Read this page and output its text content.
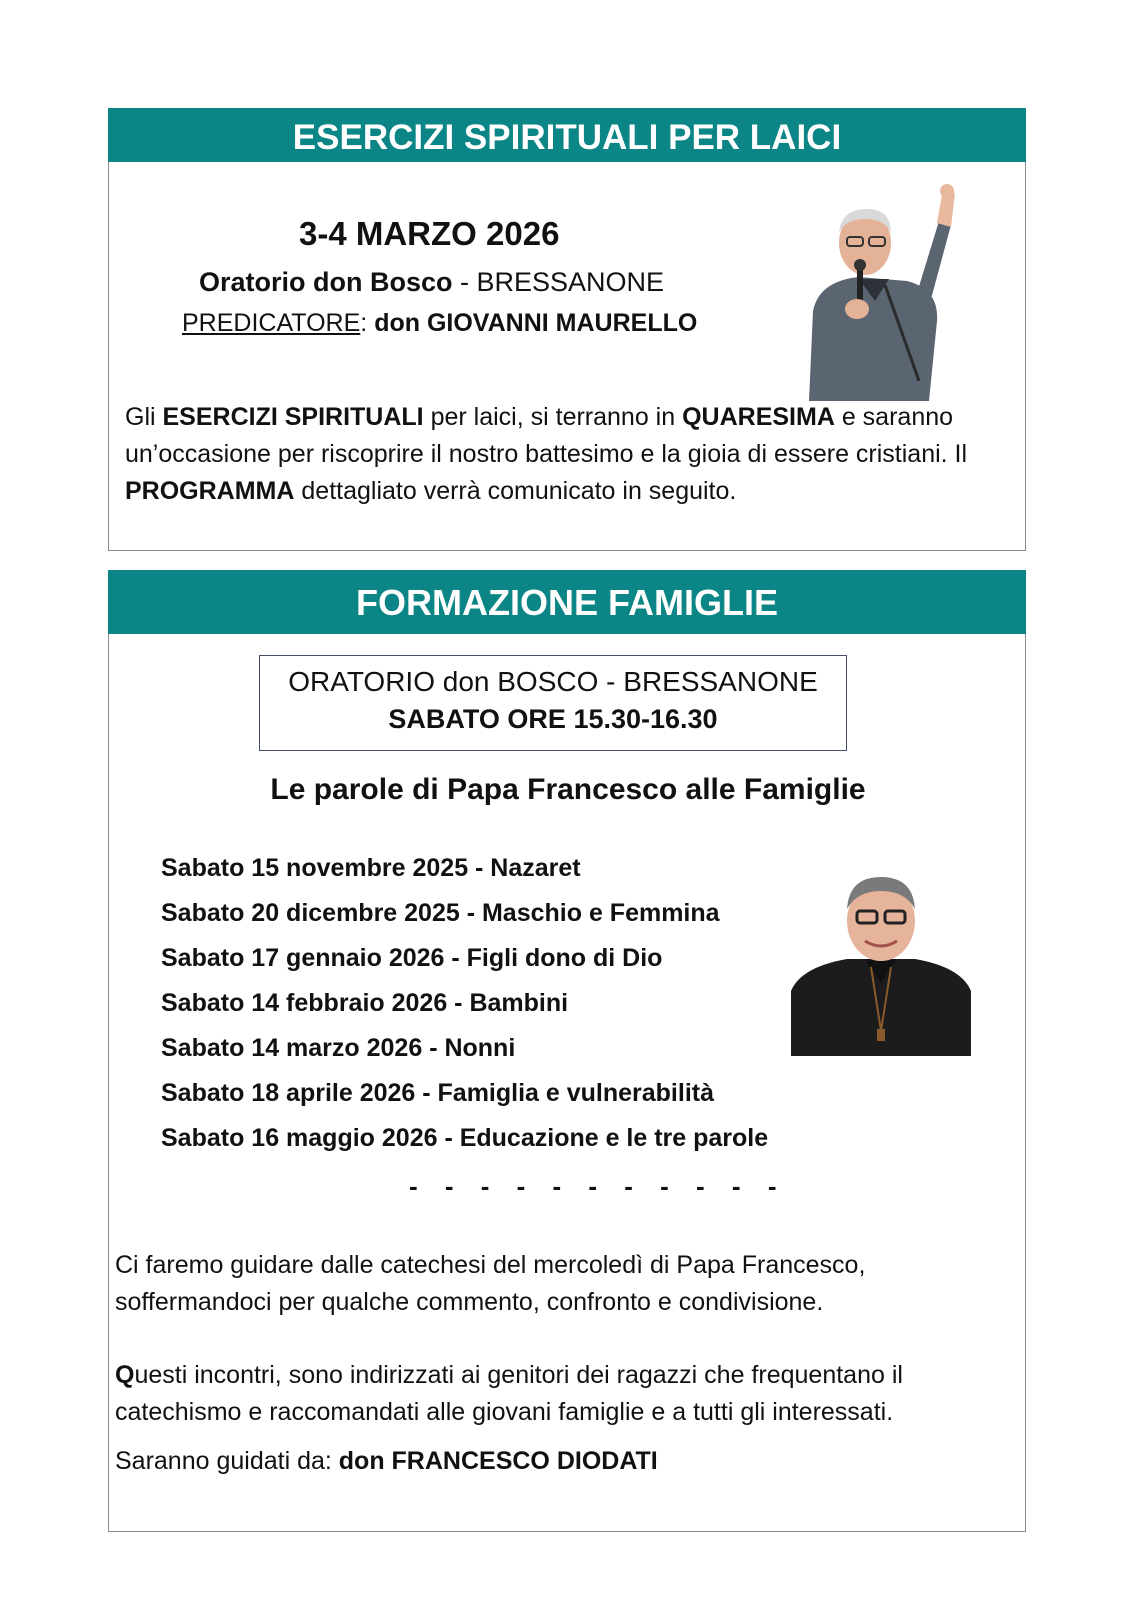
ESERCIZI SPIRITUALI PER LAICI
3-4 MARZO 2026
Oratorio don Bosco - BRESSANONE
PREDICATORE: don GIOVANNI MAURELLO
Gli ESERCIZI SPIRITUALI per laici, si terranno in QUARESIMA e saranno un’occasione per riscoprire il nostro battesimo e la gioia di essere cristiani. Il PROGRAMMA dettagliato verrà comunicato in seguito.
FORMAZIONE FAMIGLIE
ORATORIO don BOSCO - BRESSANONE
SABATO ORE 15.30-16.30
Le parole di Papa Francesco alle Famiglie
Sabato 15 novembre 2025 - Nazaret
Sabato 20 dicembre 2025 - Maschio e Femmina
Sabato 17 gennaio 2026 - Figli dono di Dio
Sabato 14 febbraio 2026 - Bambini
Sabato 14 marzo 2026 - Nonni
Sabato 18 aprile 2026 - Famiglia e vulnerabilità
Sabato 16 maggio 2026 - Educazione e le tre parole
- - - - - - - - - - -
Ci faremo guidare dalle catechesi del mercoledì di Papa Francesco, soffermandoci per qualche commento, confronto e condivisione.
Questi incontri, sono indirizzati ai genitori dei ragazzi che frequentano il catechismo e raccomandati alle giovani famiglie e a tutti gli interessati.
Saranno guidati da: don FRANCESCO DIODATI
